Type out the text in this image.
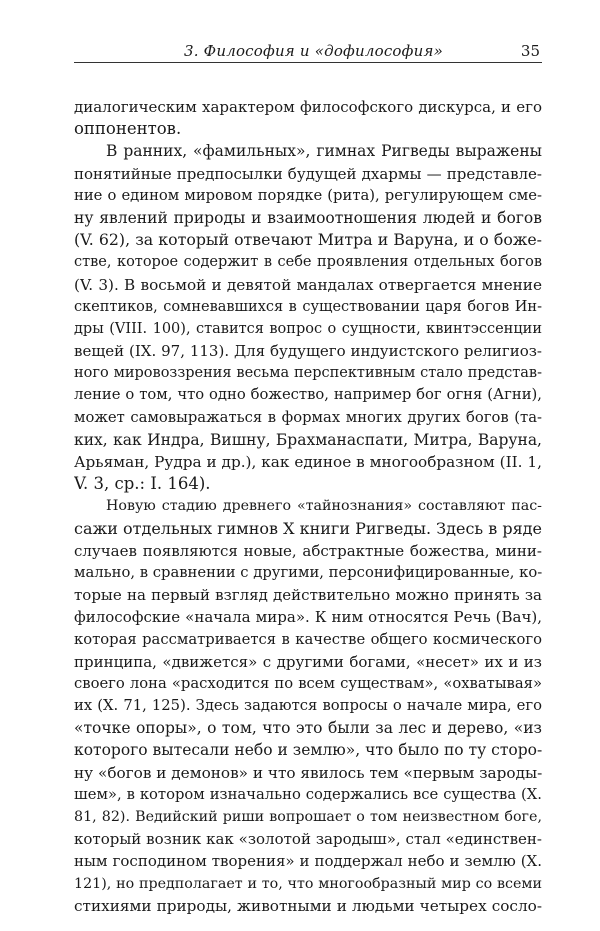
3. Философия и «дофилософия»	35
диалогическим характером философского дискурса, и его
оппонентов.
В ранних, «фамильных», гимнах Ригведы выражены
понятийные предпосылки будущей дхармы — представле-
ние о едином мировом порядке (рита), регулирующем сме-
ну явлений природы и взаимоотношения людей и богов
(V. 62), за который отвечают Митра и Варуна, и о боже-
стве, которое содержит в себе проявления отдельных богов
(V. 3). В восьмой и девятой мандалах отвергается мнение
скептиков, сомневавшихся в существовании царя богов Ин-
дры (VIII. 100), ставится вопрос о сущности, квинтэссенции
вещей (IX. 97, 113). Для будущего индуистского религиоз-
ного мировоззрения весьма перспективным стало представ-
ление о том, что одно божество, например бог огня (Агни),
может самовыражаться в формах многих других богов (та-
ких, как Индра, Вишну, Брахманаспати, Митра, Варуна,
Арьяман, Рудра и др.), как единое в многообразном (II. 1,
V. 3, ср.: I. 164).
Новую стадию древнего «тайнознания» составляют пас-
сажи отдельных гимнов X книги Ригведы. Здесь в ряде
случаев появляются новые, абстрактные божества, мини-
мально, в сравнении с другими, персонифицированные, ко-
торые на первый взгляд действительно можно принять за
философские «начала мира». К ним относятся Речь (Вач),
которая рассматривается в качестве общего космического
принципа, «движется» с другими богами, «несет» их и из
своего лона «расходится по всем существам», «охватывая»
их (X. 71, 125). Здесь задаются вопросы о начале мира, его
«точке опоры», о том, что это были за лес и дерево, «из
которого вытесали небо и землю», что было по ту сторо-
ну «богов и демонов» и что явилось тем «первым зароды-
шем», в котором изначально содержались все существа (X.
81, 82). Ведийский риши вопрошает о том неизвестном боге,
который возник как «золотой зародыш», стал «единствен-
ным господином творения» и поддержал небо и землю (X.
121), но предполагает и то, что многообразный мир со всеми
стихиями природы, животными и людьми четырех сосло-
